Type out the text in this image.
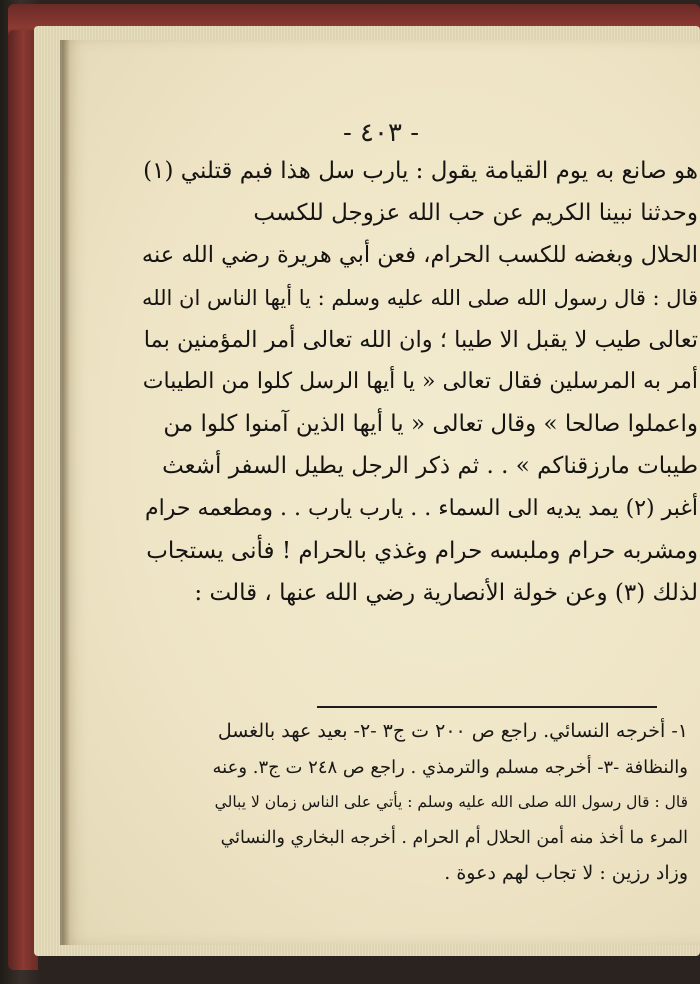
- ٤٠٣ -
هو صانع به يوم القيامة يقول : يارب سل هذا فبم قتلني (١)
وحدثنا نبينا الكريم عن حب الله عزوجل للكسب
الحلال وبغضه للكسب الحرام، فعن أبي هريرة رضي الله عنه
قال : قال رسول الله صلى الله عليه وسلم : يا أيها الناس ان الله
تعالى طيب لا يقبل الا طيبا ؛ وان الله تعالى أمر المؤمنين بما
أمر به المرسلين فقال تعالى « يا أيها الرسل كلوا من الطيبات
واعملوا صالحا » وقال تعالى « يا أيها الذين آمنوا كلوا من
طيبات مارزقناكم » . . ثم ذكر الرجل يطيل السفر أشعث
أغبر (٢) يمد يديه الى السماء . . يارب يارب . . ومطعمه حرام
ومشربه حرام وملبسه حرام وغذي بالحرام ! فأنى يستجاب
لذلك (٣) وعن خولة الأنصارية رضي الله عنها ، قالت :
١- أخرجه النسائي. راجع ص ٢٠٠ ت ج٣ -٢- بعيد عهد بالغسل
والنظافة -٣- أخرجه مسلم والترمذي . راجع ص ٢٤٨ ت ج٣. وعنه
قال : قال رسول الله صلى الله عليه وسلم : يأتي على الناس زمان لا يبالي
المرء ما أخذ منه أمن الحلال أم الحرام . أخرجه البخاري والنسائي
وزاد رزين : لا تجاب لهم دعوة .
